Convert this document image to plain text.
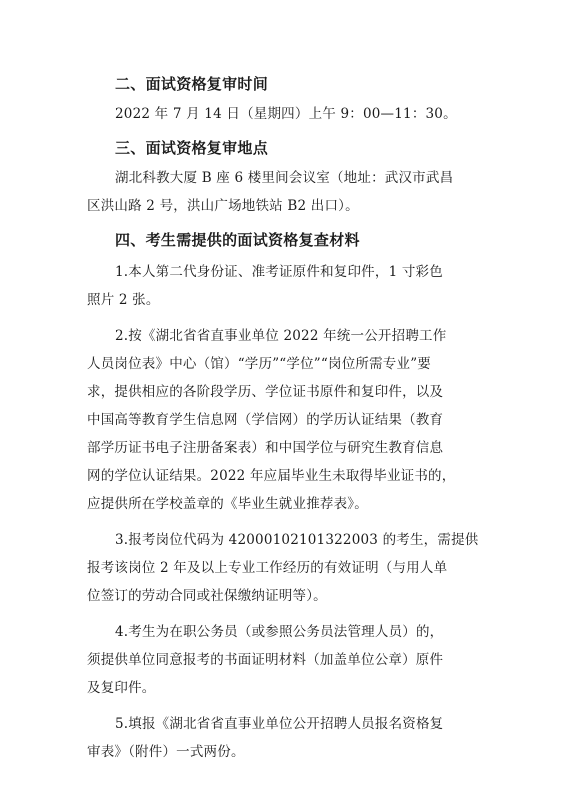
二、面试资格复审时间
2022 年 7 月 14 日（星期四）上午 9：00—11：30。
三、面试资格复审地点
湖北科教大厦 B 座 6 楼里间会议室（地址：武汉市武昌
区洪山路 2 号，洪山广场地铁站 B2 出口）。
四、考生需提供的面试资格复查材料
1.本人第二代身份证、准考证原件和复印件，1 寸彩色
照片 2 张。
2.按《湖北省省直事业单位 2022 年统一公开招聘工作
人员岗位表》中心（馆）“学历”“学位”“岗位所需专业”要
求，提供相应的各阶段学历、学位证书原件和复印件，以及
中国高等教育学生信息网（学信网）的学历认证结果（教育
部学历证书电子注册备案表）和中国学位与研究生教育信息
网的学位认证结果。2022 年应届毕业生未取得毕业证书的，
应提供所在学校盖章的《毕业生就业推荐表》。
3.报考岗位代码为 42000102101322003 的考生，需提供
报考该岗位 2 年及以上专业工作经历的有效证明（与用人单
位签订的劳动合同或社保缴纳证明等）。
4.考生为在职公务员（或参照公务员法管理人员）的，
须提供单位同意报考的书面证明材料（加盖单位公章）原件
及复印件。
5.填报《湖北省省直事业单位公开招聘人员报名资格复
审表》（附件）一式两份。
